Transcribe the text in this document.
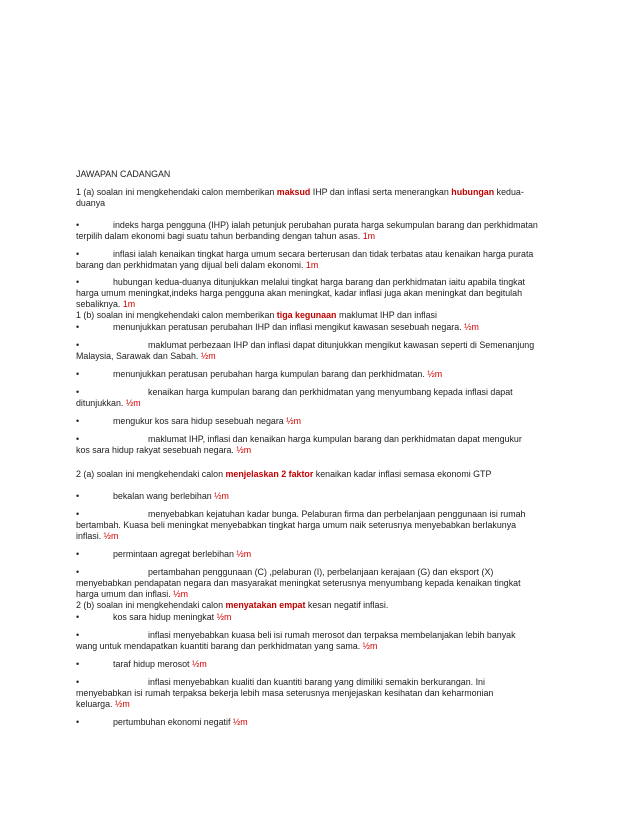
JAWAPAN CADANGAN
1 (a) soalan ini mengkehendaki calon memberikan maksud IHP dan inflasi serta menerangkan hubungan kedua-
duanya
•	indeks harga pengguna (IHP) ialah petunjuk perubahan purata harga sekumpulan barang dan perkhidmatan
terpilih dalam ekonomi bagi suatu tahun berbanding dengan tahun asas. 1m
•	inflasi ialah kenaikan tingkat harga umum secara berterusan dan tidak terbatas atau kenaikan harga purata
barang dan perkhidmatan yang dijual beli dalam ekonomi. 1m
•	hubungan kedua-duanya ditunjukkan melalui tingkat harga barang dan perkhidmatan iaitu apabila tingkat
harga umum meningkat,indeks harga pengguna akan meningkat, kadar inflasi juga akan meningkat dan begitulah
sebaliknya. 1m
1 (b) soalan ini mengkehendaki calon memberikan tiga kegunaan maklumat IHP dan inflasi
•	menunjukkan peratusan perubahan IHP dan inflasi mengikut kawasan sesebuah negara. ½m
•	maklumat perbezaan IHP dan inflasi dapat ditunjukkan mengikut kawasan seperti di Semenanjung
Malaysia, Sarawak dan Sabah. ½m
•	menunjukkan peratusan perubahan harga kumpulan barang dan perkhidmatan. ½m
•	kenaikan harga kumpulan barang dan perkhidmatan yang menyumbang kepada inflasi dapat
ditunjukkan. ½m
•	mengukur kos sara hidup sesebuah negara ½m
•	maklumat IHP, inflasi dan kenaikan harga kumpulan barang dan perkhidmatan dapat mengukur
kos sara hidup rakyat sesebuah negara. ½m
2 (a) soalan ini mengkehendaki calon menjelaskan 2 faktor kenaikan kadar inflasi semasa ekonomi GTP
•	bekalan wang berlebihan ½m
•	menyebabkan kejatuhan kadar bunga. Pelaburan firma dan perbelanjaan penggunaan isi rumah
bertambah. Kuasa beli meningkat menyebabkan tingkat harga umum naik seterusnya menyebabkan berlakunya
inflasi. ½m
•	permintaan agregat berlebihan ½m
•	pertambahan penggunaan (C) ,pelaburan (I), perbelanjaan kerajaan (G) dan eksport (X)
menyebabkan pendapatan negara dan masyarakat meningkat seterusnya menyumbang kepada kenaikan tingkat
harga umum dan inflasi. ½m
2 (b) soalan ini mengkehendaki calon menyatakan empat kesan negatif inflasi.
•	kos sara hidup meningkat ½m
•	inflasi menyebabkan kuasa beli isi rumah merosot dan terpaksa membelanjakan lebih banyak
wang untuk mendapatkan kuantiti barang dan perkhidmatan yang sama. ½m
•	taraf hidup merosot ½m
•	inflasi menyebabkan kualiti dan kuantiti barang yang dimiliki semakin berkurangan. Ini
menyebabkan isi rumah terpaksa bekerja lebih masa seterusnya menjejaskan kesihatan dan keharmonian
keluarga. ½m
•	pertumbuhan ekonomi negatif ½m
